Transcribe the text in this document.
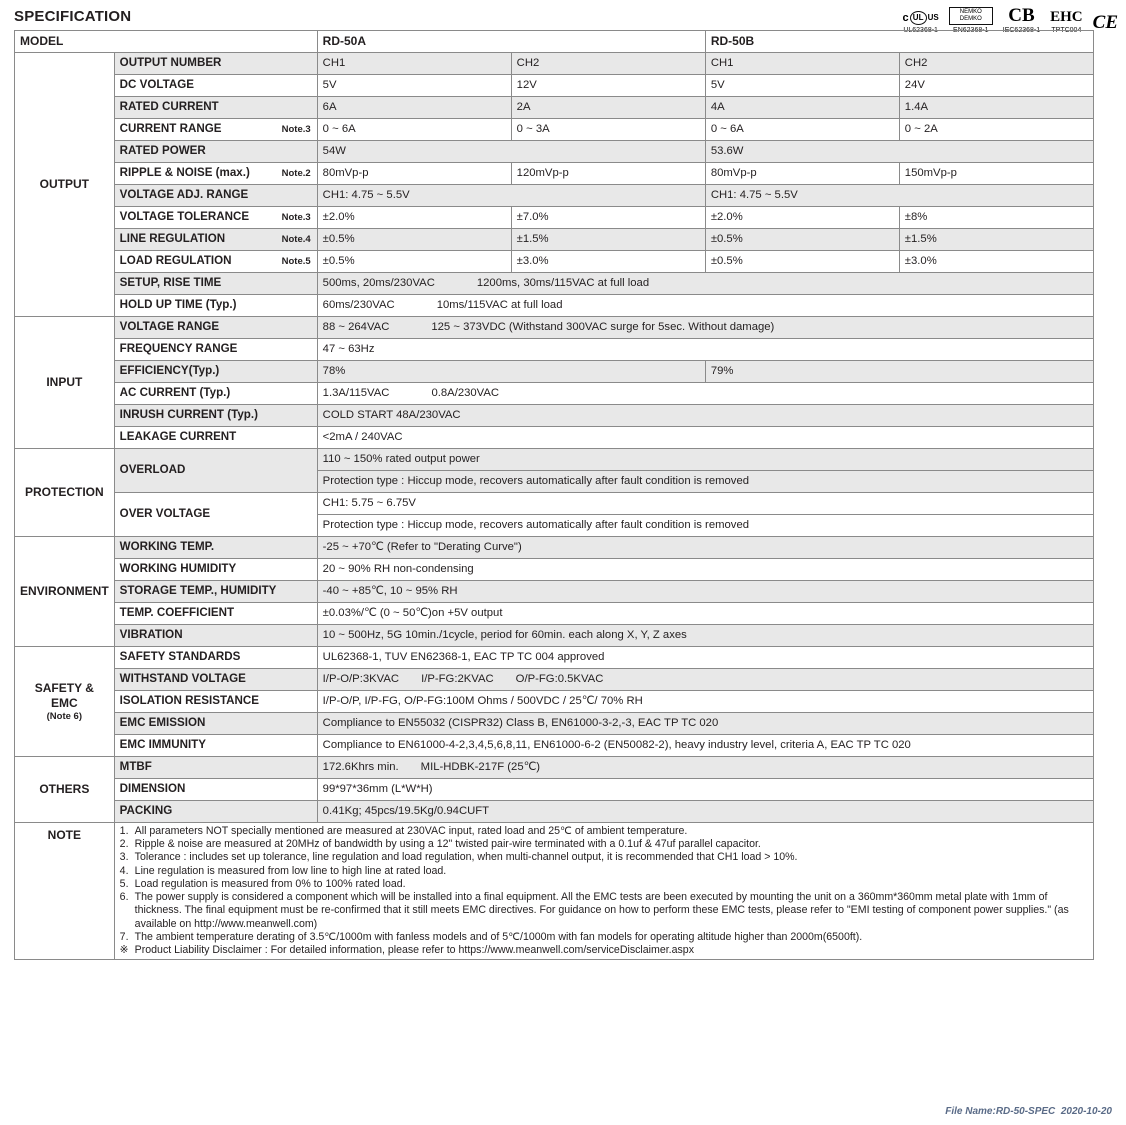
c UL US
UL62368-1
NEMKO
DEMKO
EN62368-1
CB
IEC62368-1
EHC
TPTC004 CE
SPECIFICATION
MODEL		RD-50A		RD-50B	
OUTPUT	OUTPUT NUMBER	CH1	CH2	CH1	CH2
	DC VOLTAGE	5V	12V	5V	24V
	RATED CURRENT	6A	2A	4A	1.4A
	CURRENT RANGE Note.3	0 ~ 6A	0 ~ 3A	0 ~ 6A	0 ~ 2A
	RATED POWER	54W		53.6W	
	RIPPLE & NOISE (max.) Note.2	80mVp-p	120mVp-p	80mVp-p	150mVp-p
	VOLTAGE ADJ. RANGE	CH1: 4.75 ~ 5.5V		CH1: 4.75 ~ 5.5V	
	VOLTAGE TOLERANCE Note.3	±2.0%	±7.0%	±2.0%	±8%
	LINE REGULATION Note.4	±0.5%	±1.5%	±0.5%	±1.5%
	LOAD REGULATION Note.5	±0.5%	±3.0%	±0.5%	±3.0%
	SETUP, RISE TIME	500ms, 20ms/230VAC 1200ms, 30ms/115VAC at full load			
	HOLD UP TIME (Typ.)	60ms/230VAC 10ms/115VAC at full load			
INPUT	VOLTAGE RANGE	88 ~ 264VAC 125 ~ 373VDC (Withstand 300VAC surge for 5sec. Without damage)			
	FREQUENCY RANGE	47 ~ 63Hz			
	EFFICIENCY(Typ.)	78%		79%	
	AC CURRENT (Typ.)	1.3A/115VAC 0.8A/230VAC			
	INRUSH CURRENT (Typ.)	COLD START 48A/230VAC			
	LEAKAGE CURRENT	<2mA / 240VAC			
PROTECTION	OVERLOAD	110 ~ 150% rated output power			
		Protection type : Hiccup mode, recovers automatically after fault condition is removed			
	OVER VOLTAGE	CH1: 5.75 ~ 6.75V			
		Protection type : Hiccup mode, recovers automatically after fault condition is removed			
ENVIRONMENT	WORKING TEMP.	-25 ~ +70℃ (Refer to "Derating Curve")			
	WORKING HUMIDITY	20 ~ 90% RH non-condensing			
	STORAGE TEMP., HUMIDITY	-40 ~ +85℃, 10 ~ 95% RH			
	TEMP. COEFFICIENT	±0.03%/℃ (0 ~ 50℃)on +5V output			
	VIBRATION	10 ~ 500Hz, 5G 10min./1cycle, period for 60min. each along X, Y, Z axes			
SAFETY &
EMC
(Note 6)	SAFETY STANDARDS	UL62368-1, TUV EN62368-1, EAC TP TC 004 approved			
	WITHSTAND VOLTAGE	I/P-O/P:3KVAC I/P-FG:2KVAC O/P-FG:0.5KVAC			
	ISOLATION RESISTANCE	I/P-O/P, I/P-FG, O/P-FG:100M Ohms / 500VDC / 25℃/ 70% RH			
	EMC EMISSION	Compliance to EN55032 (CISPR32) Class B, EN61000-3-2,-3, EAC TP TC 020			
	EMC IMMUNITY	Compliance to EN61000-4-2,3,4,5,6,8,11, EN61000-6-2 (EN50082-2), heavy industry level, criteria A, EAC TP TC 020			
OTHERS	MTBF	172.6Khrs min. MIL-HDBK-217F (25℃)			
	DIMENSION	99*97*36mm (L*W*H)			
	PACKING	0.41Kg; 45pcs/19.5Kg/0.94CUFT			
NOTE	1. All parameters NOT specially mentioned are measured at 230VAC input, rated load and 25℃ of ambient temperature.
2. Ripple & noise are measured at 20MHz of bandwidth by using a 12" twisted pair-wire terminated with a 0.1uf & 47uf parallel capacitor.
3. Tolerance : includes set up tolerance, line regulation and load regulation, when multi-channel output, it is recommended that CH1 load > 10%.
4. Line regulation is measured from low line to high line at rated load.
5. Load regulation is measured from 0% to 100% rated load.
6. The power supply is considered a component which will be installed into a final equipment. All the EMC tests are been executed by mounting the unit on a 360mm*360mm metal plate with 1mm of thickness. The final equipment must be re-confirmed that it still meets EMC directives. For guidance on how to perform these EMC tests, please refer to "EMI testing of component power supplies." (as available on http://www.meanwell.com)
7. The ambient temperature derating of 3.5℃/1000m with fanless models and of 5℃/1000m with fan models for operating altitude higher than 2000m(6500ft).
※ Product Liability Disclaimer : For detailed information, please refer to https://www.meanwell.com/serviceDisclaimer.aspx
File Name:RD-50-SPEC 2020-10-20
